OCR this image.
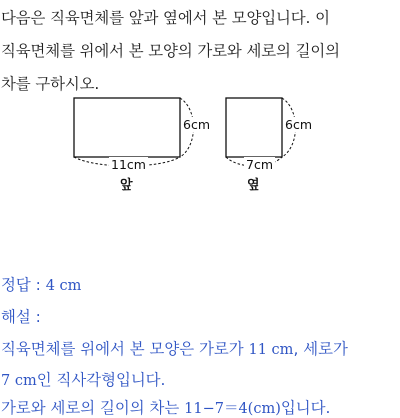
다음은 직육면체를 앞과 옆에서 본 모양입니다. 이
직육면체를 위에서 본 모양의 가로와 세로의 길이의
차를 구하시오.
6cm
11cm
앞
6cm
7cm
옆
정답 : 4 cm
해설 :
직육면체를 위에서 본 모양은 가로가 11 cm, 세로가
7 cm인 직사각형입니다.
가로와 세로의 길이의 차는 11−7＝4(cm)입니다.
